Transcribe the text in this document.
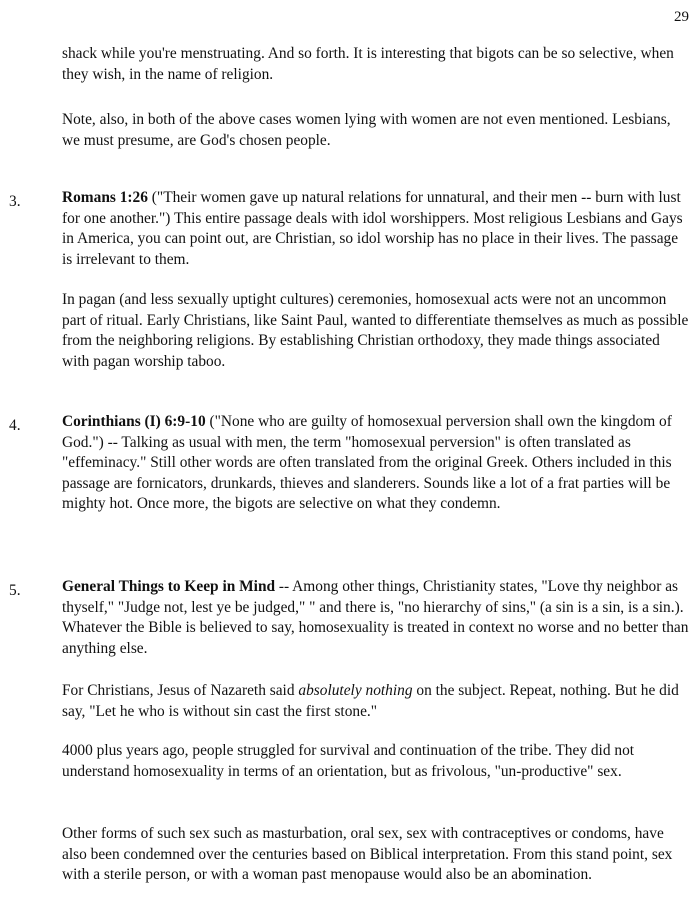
29

shack while you're menstruating. And so forth. It is interesting that bigots can be so selective, when they wish, in the name of religion.

Note, also, in both of the above cases women lying with women are not even mentioned. Lesbians, we must presume, are God's chosen people.

3.	Romans 1:26 ("Their women gave up natural relations for unnatural, and their men -- burn with lust for one another.") This entire passage deals with idol worshippers. Most religious Lesbians and Gays in America, you can point out, are Christian, so idol worship has no place in their lives. The passage is irrelevant to them.

In pagan (and less sexually uptight cultures) ceremonies, homosexual acts were not an uncommon part of ritual. Early Christians, like Saint Paul, wanted to differentiate themselves as much as possible from the neighboring religions. By establishing Christian orthodoxy, they made things associated with pagan worship taboo.

4.	Corinthians (I) 6:9-10 ("None who are guilty of homosexual perversion shall own the kingdom of God.") -- Talking as usual with men, the term "homosexual perversion" is often translated as "effeminacy." Still other words are often translated from the original Greek. Others included in this passage are fornicators, drunkards, thieves and slanderers. Sounds like a lot of a frat parties will be mighty hot. Once more, the bigots are selective on what they condemn.

5.	General Things to Keep in Mind -- Among other things, Christianity states, "Love thy neighbor as thyself," "Judge not, lest ye be judged," " and there is, "no hierarchy of sins," (a sin is a sin, is a sin.). Whatever the Bible is believed to say, homosexuality is treated in context no worse and no better than anything else.

For Christians, Jesus of Nazareth said absolutely nothing on the subject. Repeat, nothing. But he did say, "Let he who is without sin cast the first stone."

4000 plus years ago, people struggled for survival and continuation of the tribe. They did not understand homosexuality in terms of an orientation, but as frivolous, "un-productive" sex.

Other forms of such sex such as masturbation, oral sex, sex with contraceptives or condoms, have also been condemned over the centuries based on Biblical interpretation. From this stand point, sex with a sterile person, or with a woman past menopause would also be an abomination.
